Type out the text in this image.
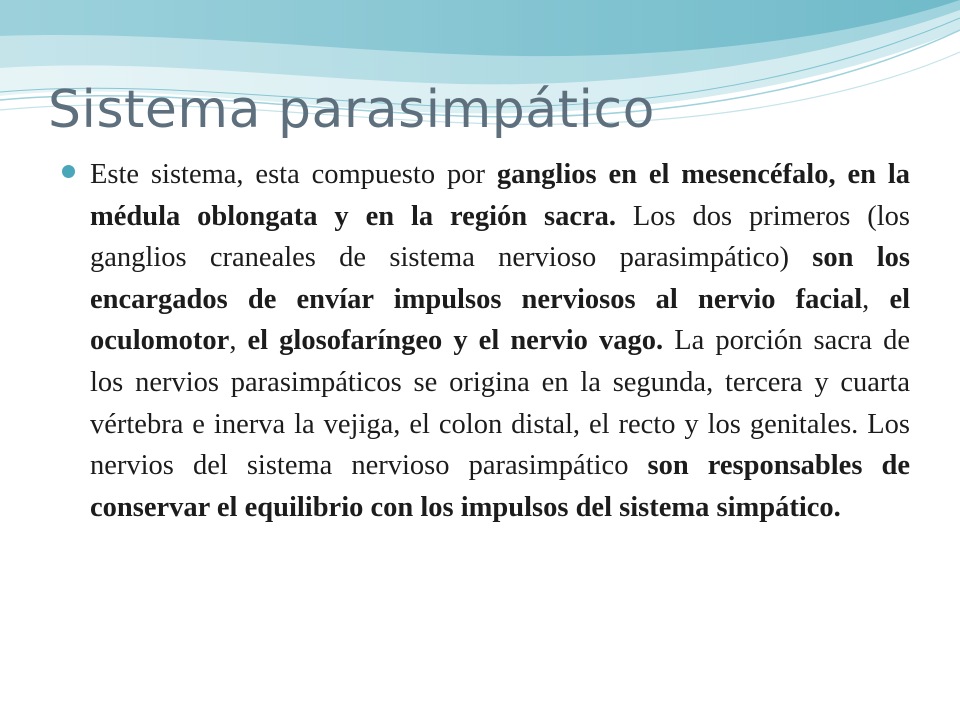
Sistema parasimpático

Este sistema, esta compuesto por ganglios en el mesencéfalo, en la médula oblongata y en la región sacra. Los dos primeros (los ganglios craneales de sistema nervioso parasimpático) son los encargados de envíar impulsos nerviosos al nervio facial, el oculomotor, el glosofaríngeo y el nervio vago. La porción sacra de los nervios parasimpáticos se origina en la segunda, tercera y cuarta vértebra e inerva la vejiga, el colon distal, el recto y los genitales. Los nervios del sistema nervioso parasimpático son responsables de conservar el equilibrio con los impulsos del sistema simpático.
